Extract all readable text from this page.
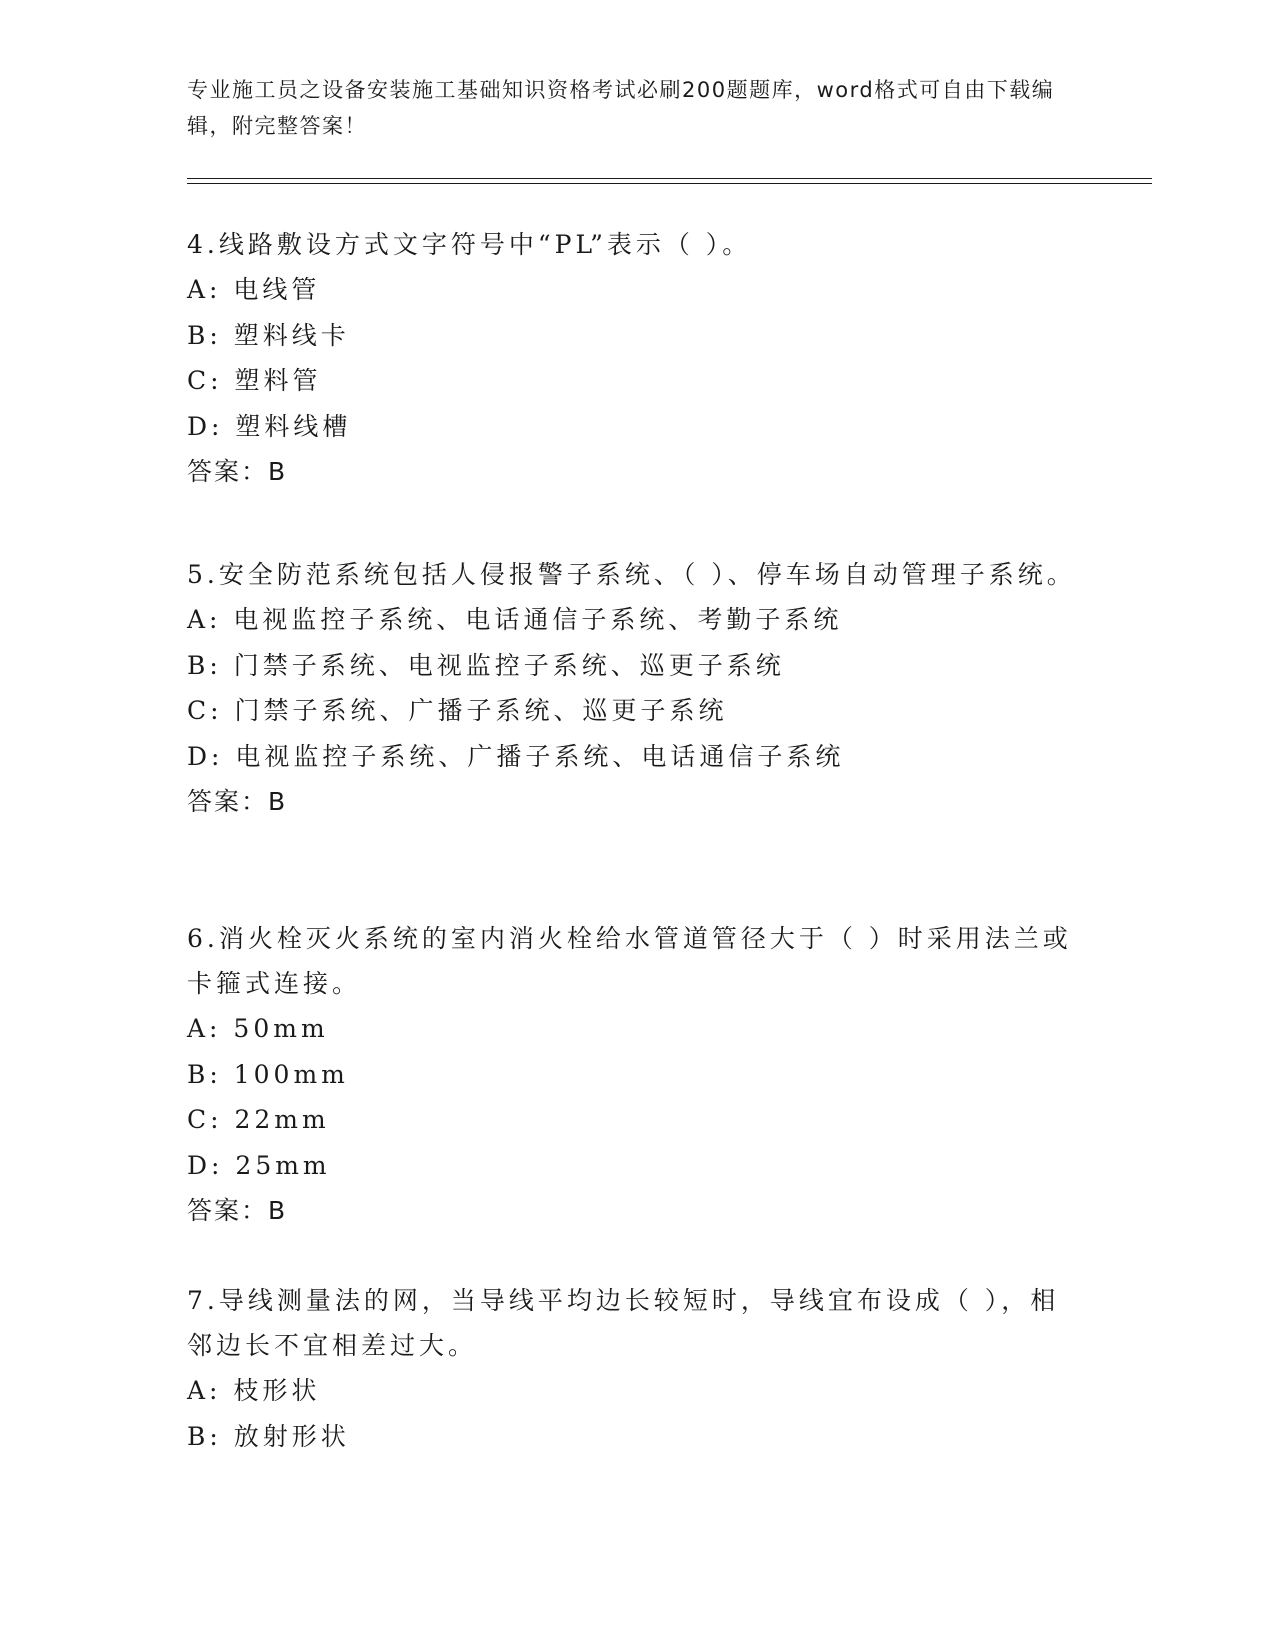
专业施工员之设备安装施工基础知识资格考试必刷200题题库，word格式可自由下载编辑，附完整答案！

4.线路敷设方式文字符号中“PL”表示（ ）。

A: 电线管

B: 塑料线卡

C: 塑料管

D: 塑料线槽

答案：B

5.安全防范系统包括人侵报警子系统、（ ）、停车场自动管理子系统。

A: 电视监控子系统、电话通信子系统、考勤子系统

B: 门禁子系统、电视监控子系统、巡更子系统

C: 门禁子系统、广播子系统、巡更子系统

D: 电视监控子系统、广播子系统、电话通信子系统

答案：B

6.消火栓灭火系统的室内消火栓给水管道管径大于（ ）时采用法兰或卡箍式连接。

A: 50mm

B: 100mm

C: 22mm

D: 25mm

答案：B

7.导线测量法的网，当导线平均边长较短时，导线宜布设成（ ），相邻边长不宜相差过大。

A: 枝形状

B: 放射形状
